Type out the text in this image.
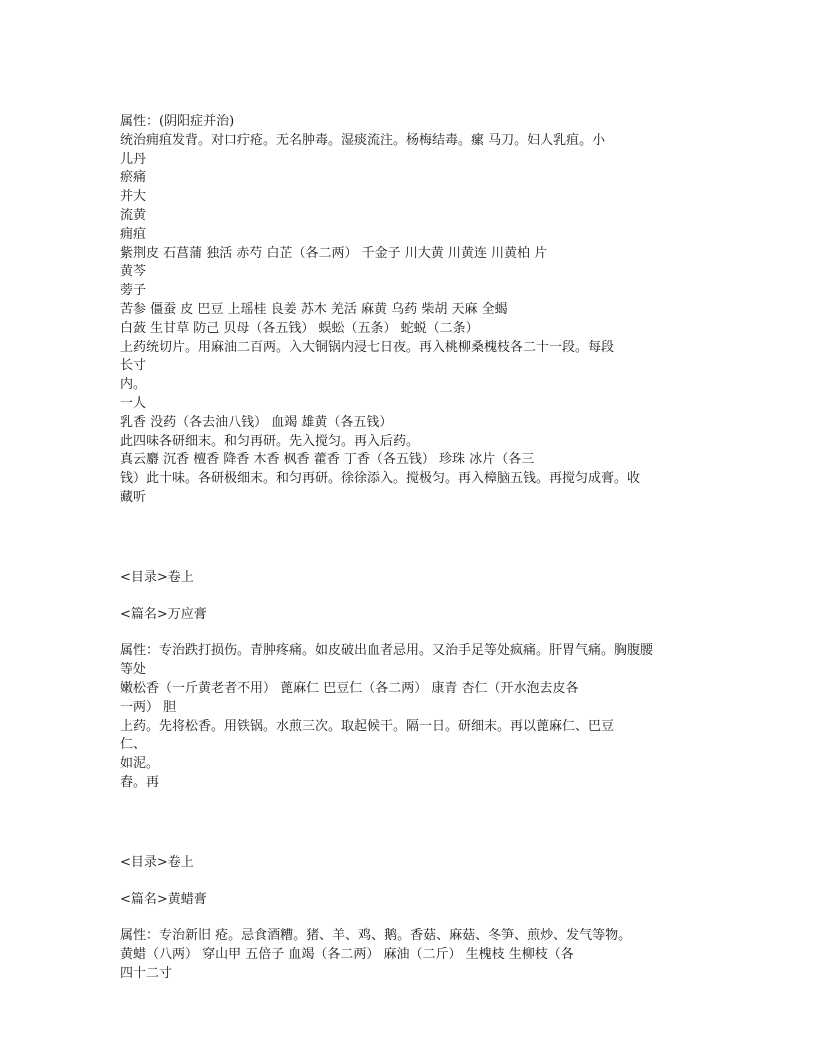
属性：(阴阳症并治)
统治痈疽发背。对口疔疮。无名肿毒。湿痰流注。杨梅结毒。瘰 马刀。妇人乳疽。小
儿丹
瘀痛
并大
流黄
痈疽
紫荆皮 石菖蒲 独活 赤芍 白芷（各二两） 千金子 川大黄 川黄连 川黄柏 片
黄芩
蒡子
苦参 僵蚕 皮 巴豆 上瑶桂 良姜 苏木 羌活 麻黄 乌药 柴胡 天麻 全蝎
白蔹 生甘草 防己 贝母（各五钱） 蜈蚣（五条） 蛇蜕（二条）
上药统切片。用麻油二百两。入大铜锅内浸七日夜。再入桃柳桑槐枝各二十一段。每段
长寸
内。
一人
乳香 没药（各去油八钱） 血竭 雄黄（各五钱）
此四味各研细末。和匀再研。先入搅匀。再入后药。
真云麝 沉香 檀香 降香 木香 枫香 藿香 丁香（各五钱） 珍珠 冰片（各三
钱）此十味。各研极细末。和匀再研。徐徐添入。搅极匀。再入樟脑五钱。再搅匀成膏。收
藏听
<目录>卷上
<篇名>万应膏
属性：专治跌打损伤。青肿疼痛。如皮破出血者忌用。又治手足等处疯痛。肝胃气痛。胸腹腰
等处
嫩松香（一斤黄老者不用） 蓖麻仁 巴豆仁（各二两） 康青 杏仁（开水泡去皮各
一两） 胆
上药。先将松香。用铁锅。水煎三次。取起候干。隔一日。研细末。再以蓖麻仁、巴豆
仁、
如泥。
舂。再
<目录>卷上
<篇名>黄蜡膏
属性：专治新旧 疮。忌食酒糟。猪、羊、鸡、鹅。香菇、麻菇、冬笋、煎炒、发气等物。
黄蜡（八两） 穿山甲 五倍子 血竭（各二两） 麻油（二斤） 生槐枝 生柳枝（各
四十二寸
